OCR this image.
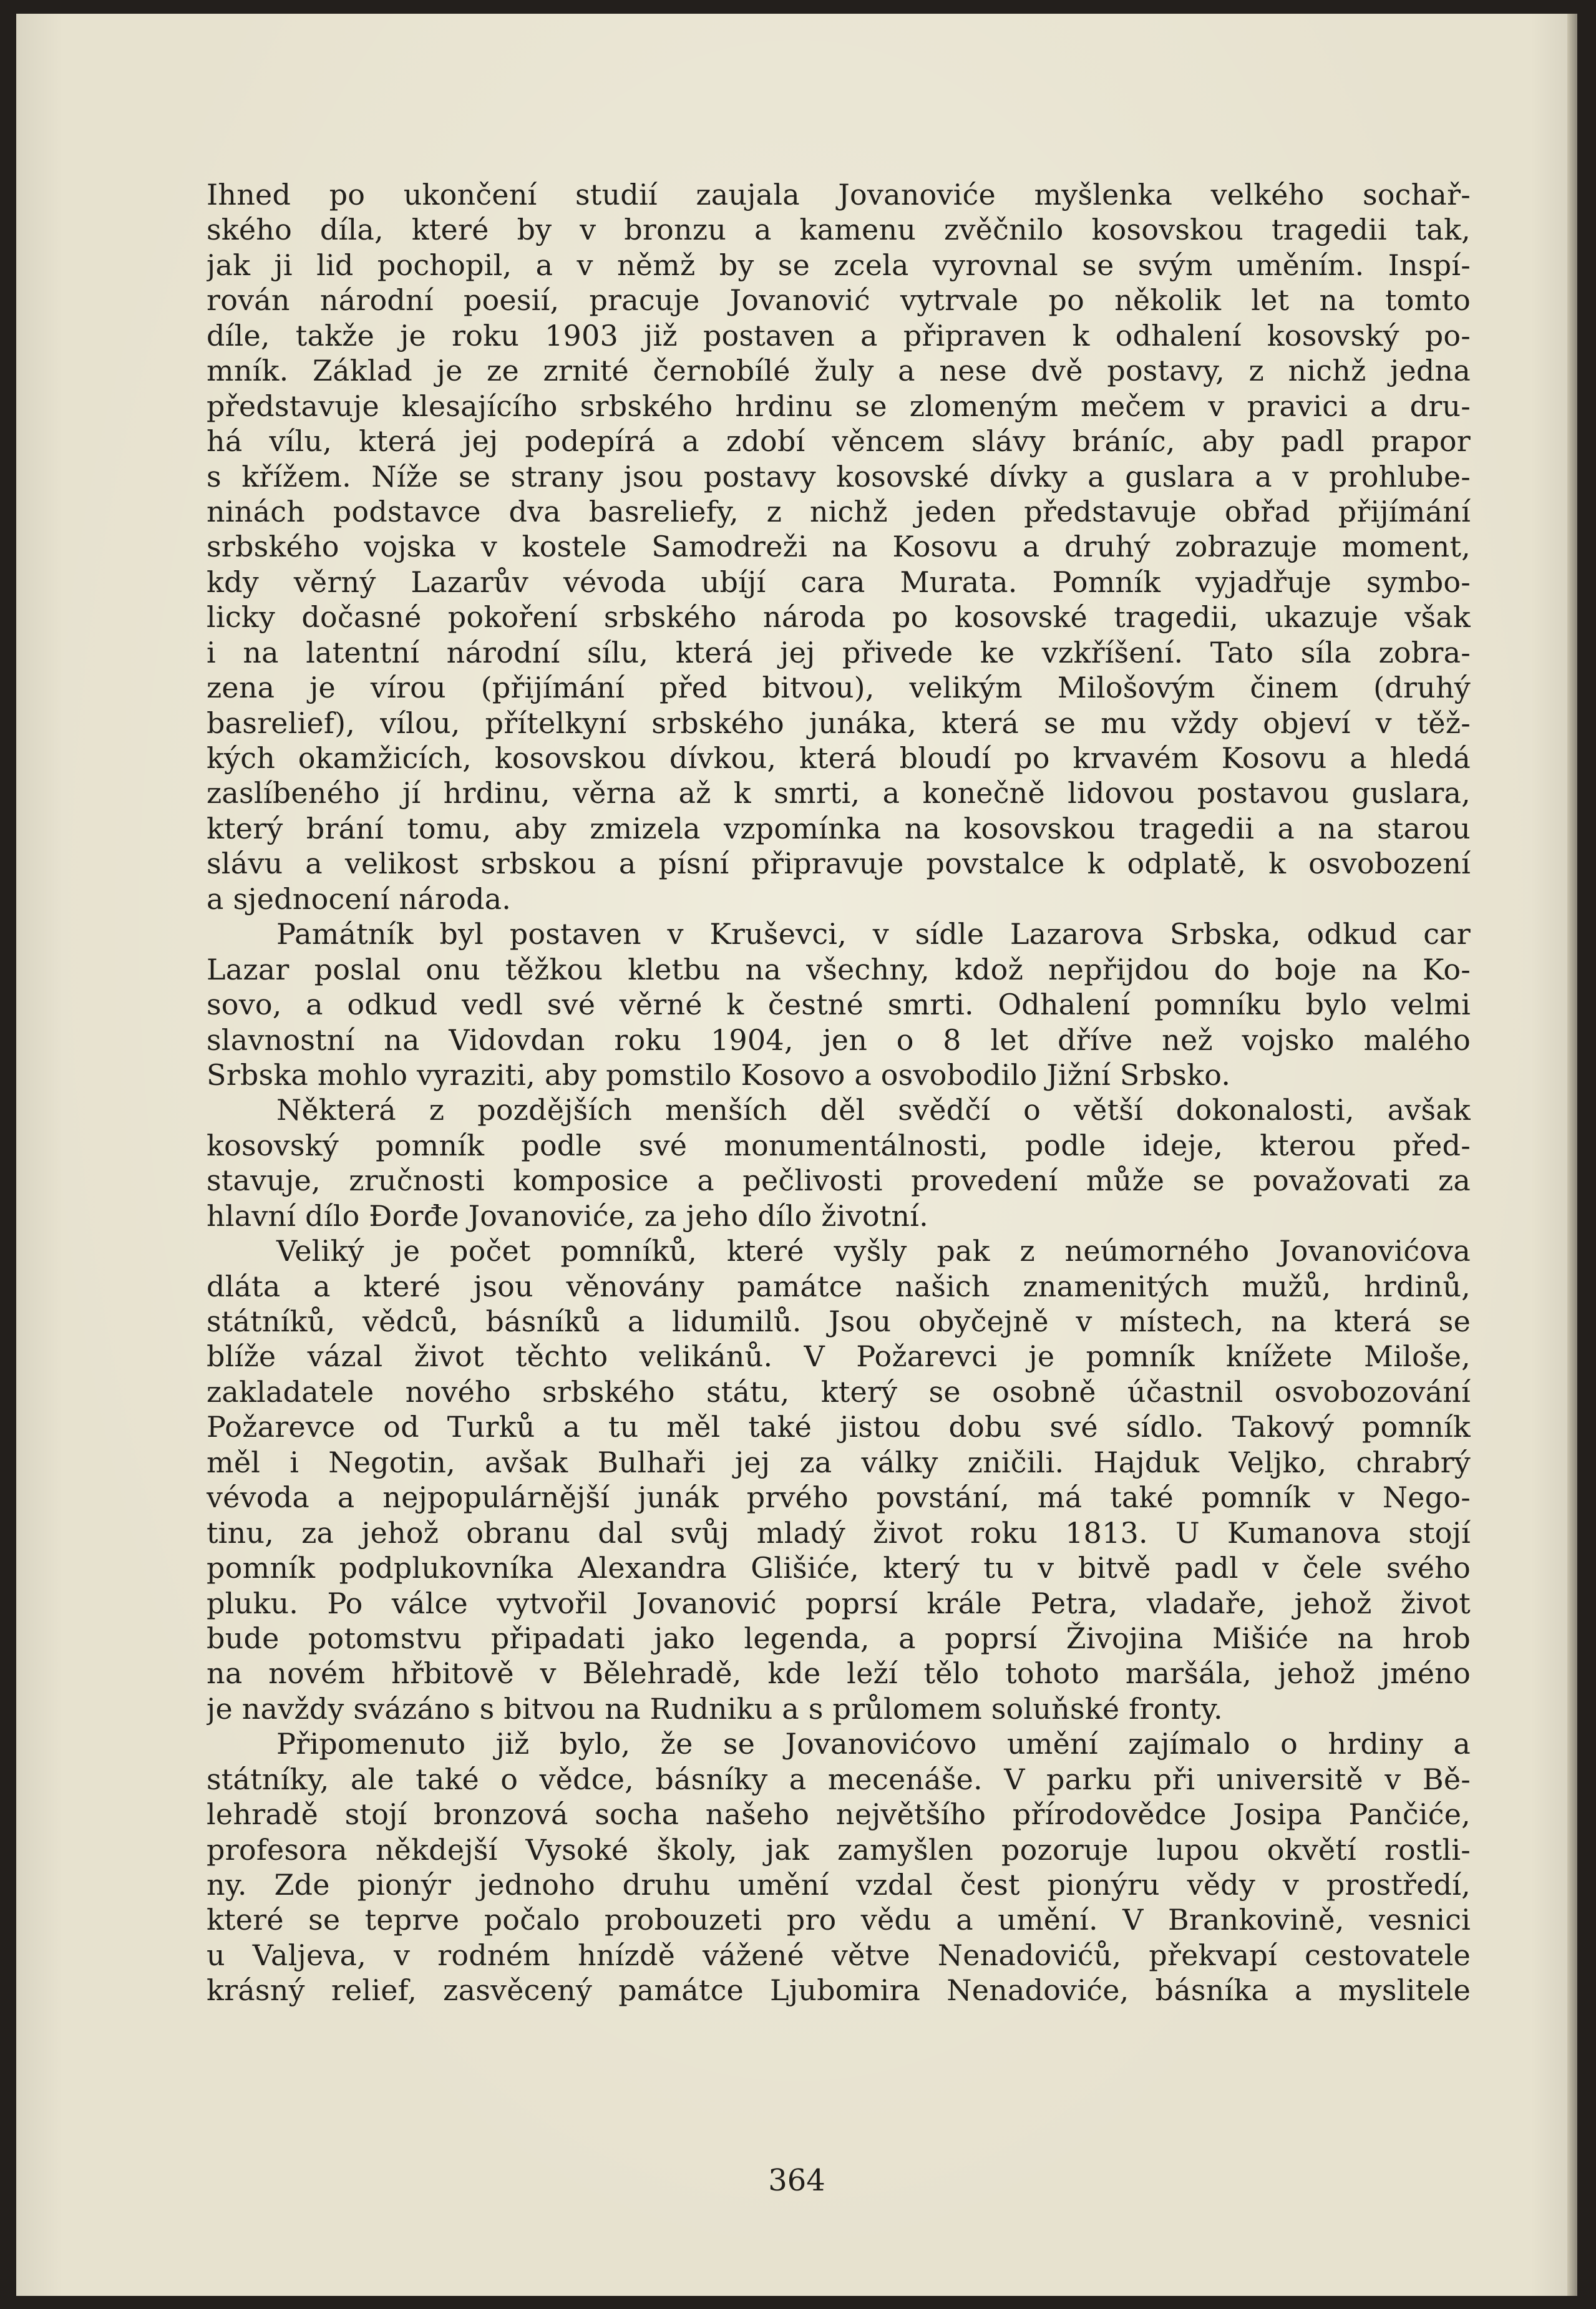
Ihned po ukončení studií zaujala Jovanoviće myšlenka velkého sochař-
ského díla, které by v bronzu a kamenu zvěčnilo kosovskou tragedii tak,
jak ji lid pochopil, a v němž by se zcela vyrovnal se svým uměním. Inspí-
rován národní poesií, pracuje Jovanović vytrvale po několik let na tomto
díle, takže je roku 1903 již postaven a připraven k odhalení kosovský po-
mník. Základ je ze zrnité černobílé žuly a nese dvě postavy, z nichž jedna
představuje klesajícího srbského hrdinu se zlomeným mečem v pravici a dru-
há vílu, která jej podepírá a zdobí věncem slávy bráníc, aby padl prapor
s křížem. Níže se strany jsou postavy kosovské dívky a guslara a v prohlube-
ninách podstavce dva basreliefy, z nichž jeden představuje obřad přijímání
srbského vojska v kostele Samodreži na Kosovu a druhý zobrazuje moment,
kdy věrný Lazarův vévoda ubíjí cara Murata. Pomník vyjadřuje symbo-
licky dočasné pokoření srbského národa po kosovské tragedii, ukazuje však
i na latentní národní sílu, která jej přivede ke vzkříšení. Tato síla zobra-
zena je vírou (přijímání před bitvou), velikým Milošovým činem (druhý
basrelief), vílou, přítelkyní srbského junáka, která se mu vždy objeví v těž-
kých okamžicích, kosovskou dívkou, která bloudí po krvavém Kosovu a hledá
zaslíbeného jí hrdinu, věrna až k smrti, a konečně lidovou postavou guslara,
který brání tomu, aby zmizela vzpomínka na kosovskou tragedii a na starou
slávu a velikost srbskou a písní připravuje povstalce k odplatě, k osvobození
a sjednocení národa.
Památník byl postaven v Kruševci, v sídle Lazarova Srbska, odkud car
Lazar poslal onu těžkou kletbu na všechny, kdož nepřijdou do boje na Ko-
sovo, a odkud vedl své věrné k čestné smrti. Odhalení pomníku bylo velmi
slavnostní na Vidovdan roku 1904, jen o 8 let dříve než vojsko malého
Srbska mohlo vyraziti, aby pomstilo Kosovo a osvobodilo Jižní Srbsko.
Některá z pozdějších menších děl svědčí o větší dokonalosti, avšak
kosovský pomník podle své monumentálnosti, podle ideje, kterou před-
stavuje, zručnosti komposice a pečlivosti provedení může se považovati za
hlavní dílo Đorđe Jovanoviće, za jeho dílo životní.
Veliký je počet pomníků, které vyšly pak z neúmorného Jovanovićova
dláta a které jsou věnovány památce našich znamenitých mužů, hrdinů,
státníků, vědců, básníků a lidumilů. Jsou obyčejně v místech, na která se
blíže vázal život těchto velikánů. V Požarevci je pomník knížete Miloše,
zakladatele nového srbského státu, který se osobně účastnil osvobozování
Požarevce od Turků a tu měl také jistou dobu své sídlo. Takový pomník
měl i Negotin, avšak Bulhaři jej za války zničili. Hajduk Veljko, chrabrý
vévoda a nejpopulárnější junák prvého povstání, má také pomník v Nego-
tinu, za jehož obranu dal svůj mladý život roku 1813. U Kumanova stojí
pomník podplukovníka Alexandra Glišiće, který tu v bitvě padl v čele svého
pluku. Po válce vytvořil Jovanović poprsí krále Petra, vladaře, jehož život
bude potomstvu připadati jako legenda, a poprsí Živojina Mišiće na hrob
na novém hřbitově v Bělehradě, kde leží tělo tohoto maršála, jehož jméno
je navždy svázáno s bitvou na Rudniku a s průlomem soluňské fronty.
Připomenuto již bylo, že se Jovanovićovo umění zajímalo o hrdiny a
státníky, ale také o vědce, básníky a mecenáše. V parku při universitě v Bě-
lehradě stojí bronzová socha našeho největšího přírodovědce Josipa Pančiće,
profesora někdejší Vysoké školy, jak zamyšlen pozoruje lupou okvětí rostli-
ny. Zde pionýr jednoho druhu umění vzdal čest pionýru vědy v prostředí,
které se teprve počalo probouzeti pro vědu a umění. V Brankovině, vesnici
u Valjeva, v rodném hnízdě vážené větve Nenadovićů, překvapí cestovatele
krásný relief, zasvěcený památce Ljubomira Nenadoviće, básníka a myslitele
364
